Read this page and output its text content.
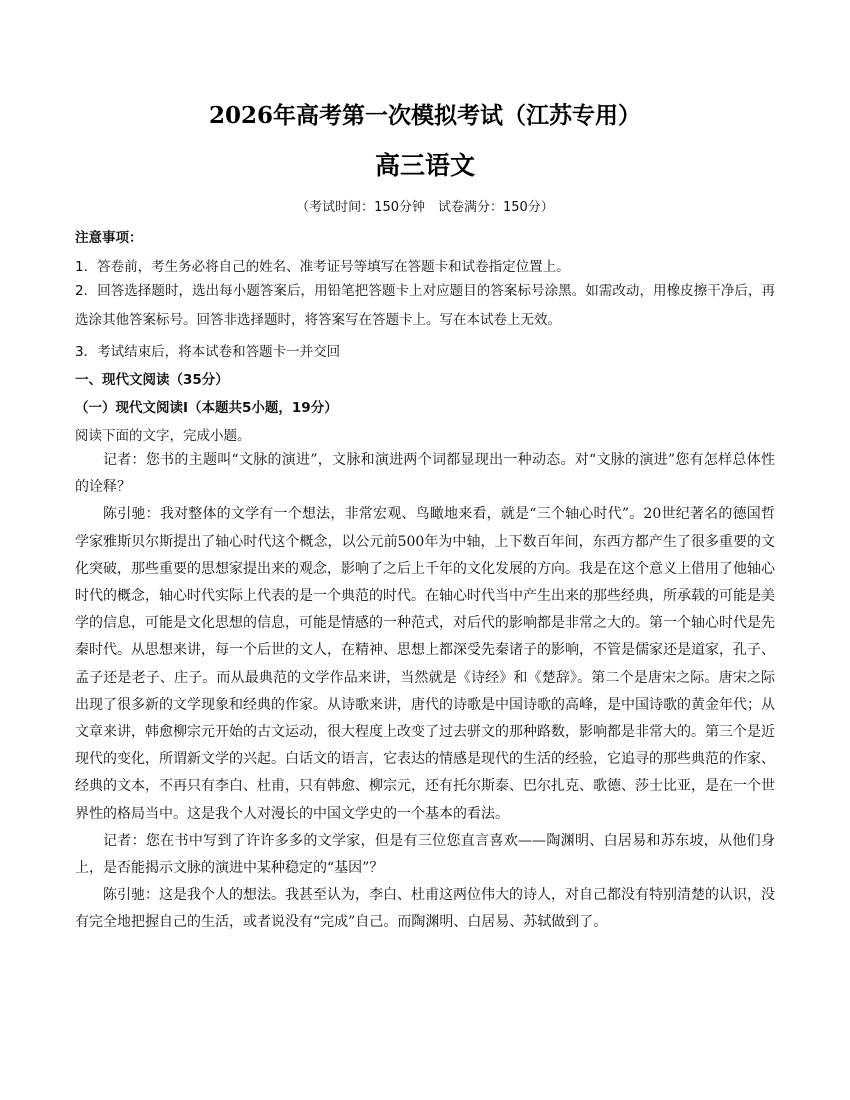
2026年高考第一次模拟考试（江苏专用）
高三语文
（考试时间：150分钟　试卷满分：150分）
注意事项：
1．答卷前，考生务必将自己的姓名、准考证号等填写在答题卡和试卷指定位置上。
2．回答选择题时，选出每小题答案后，用铅笔把答题卡上对应题目的答案标号涂黑。如需改动，用橡皮擦干净后，再选涂其他答案标号。回答非选择题时，将答案写在答题卡上。写在本试卷上无效。
3．考试结束后，将本试卷和答题卡一并交回
一、现代文阅读（35分）
（一）现代文阅读Ⅰ（本题共5小题，19分）
阅读下面的文字，完成小题。

记者：您书的主题叫“文脉的演进”，文脉和演进两个词都显现出一种动态。对“文脉的演进”您有怎样总体性的诠释？

陈引驰：我对整体的文学有一个想法，非常宏观、鸟瞰地来看，就是“三个轴心时代”。20世纪著名的德国哲学家雅斯贝尔斯提出了轴心时代这个概念，以公元前500年为中轴，上下数百年间，东西方都产生了很多重要的文化突破，那些重要的思想家提出来的观念，影响了之后上千年的文化发展的方向。我是在这个意义上借用了他轴心时代的概念，轴心时代实际上代表的是一个典范的时代。在轴心时代当中产生出来的那些经典，所承载的可能是美学的信息，可能是文化思想的信息，可能是情感的一种范式，对后代的影响都是非常之大的。第一个轴心时代是先秦时代。从思想来讲，每一个后世的文人，在精神、思想上都深受先秦诸子的影响，不管是儒家还是道家，孔子、孟子还是老子、庄子。而从最典范的文学作品来讲，当然就是《诗经》和《楚辞》。第二个是唐宋之际。唐宋之际出现了很多新的文学现象和经典的作家。从诗歌来讲，唐代的诗歌是中国诗歌的高峰，是中国诗歌的黄金年代；从文章来讲，韩愈柳宗元开始的古文运动，很大程度上改变了过去骈文的那种路数，影响都是非常大的。第三个是近现代的变化，所谓新文学的兴起。白话文的语言，它表达的情感是现代的生活的经验，它追寻的那些典范的作家、经典的文本，不再只有李白、杜甫，只有韩愈、柳宗元，还有托尔斯泰、巴尔扎克、歌德、莎士比亚，是在一个世界性的格局当中。这是我个人对漫长的中国文学史的一个基本的看法。

记者：您在书中写到了许许多多的文学家，但是有三位您直言喜欢——陶渊明、白居易和苏东坡，从他们身上，是否能揭示文脉的演进中某种稳定的“基因”？

陈引驰：这是我个人的想法。我甚至认为，李白、杜甫这两位伟大的诗人，对自己都没有特别清楚的认识，没有完全地把握自己的生活，或者说没有“完成”自己。而陶渊明、白居易、苏轼做到了。
